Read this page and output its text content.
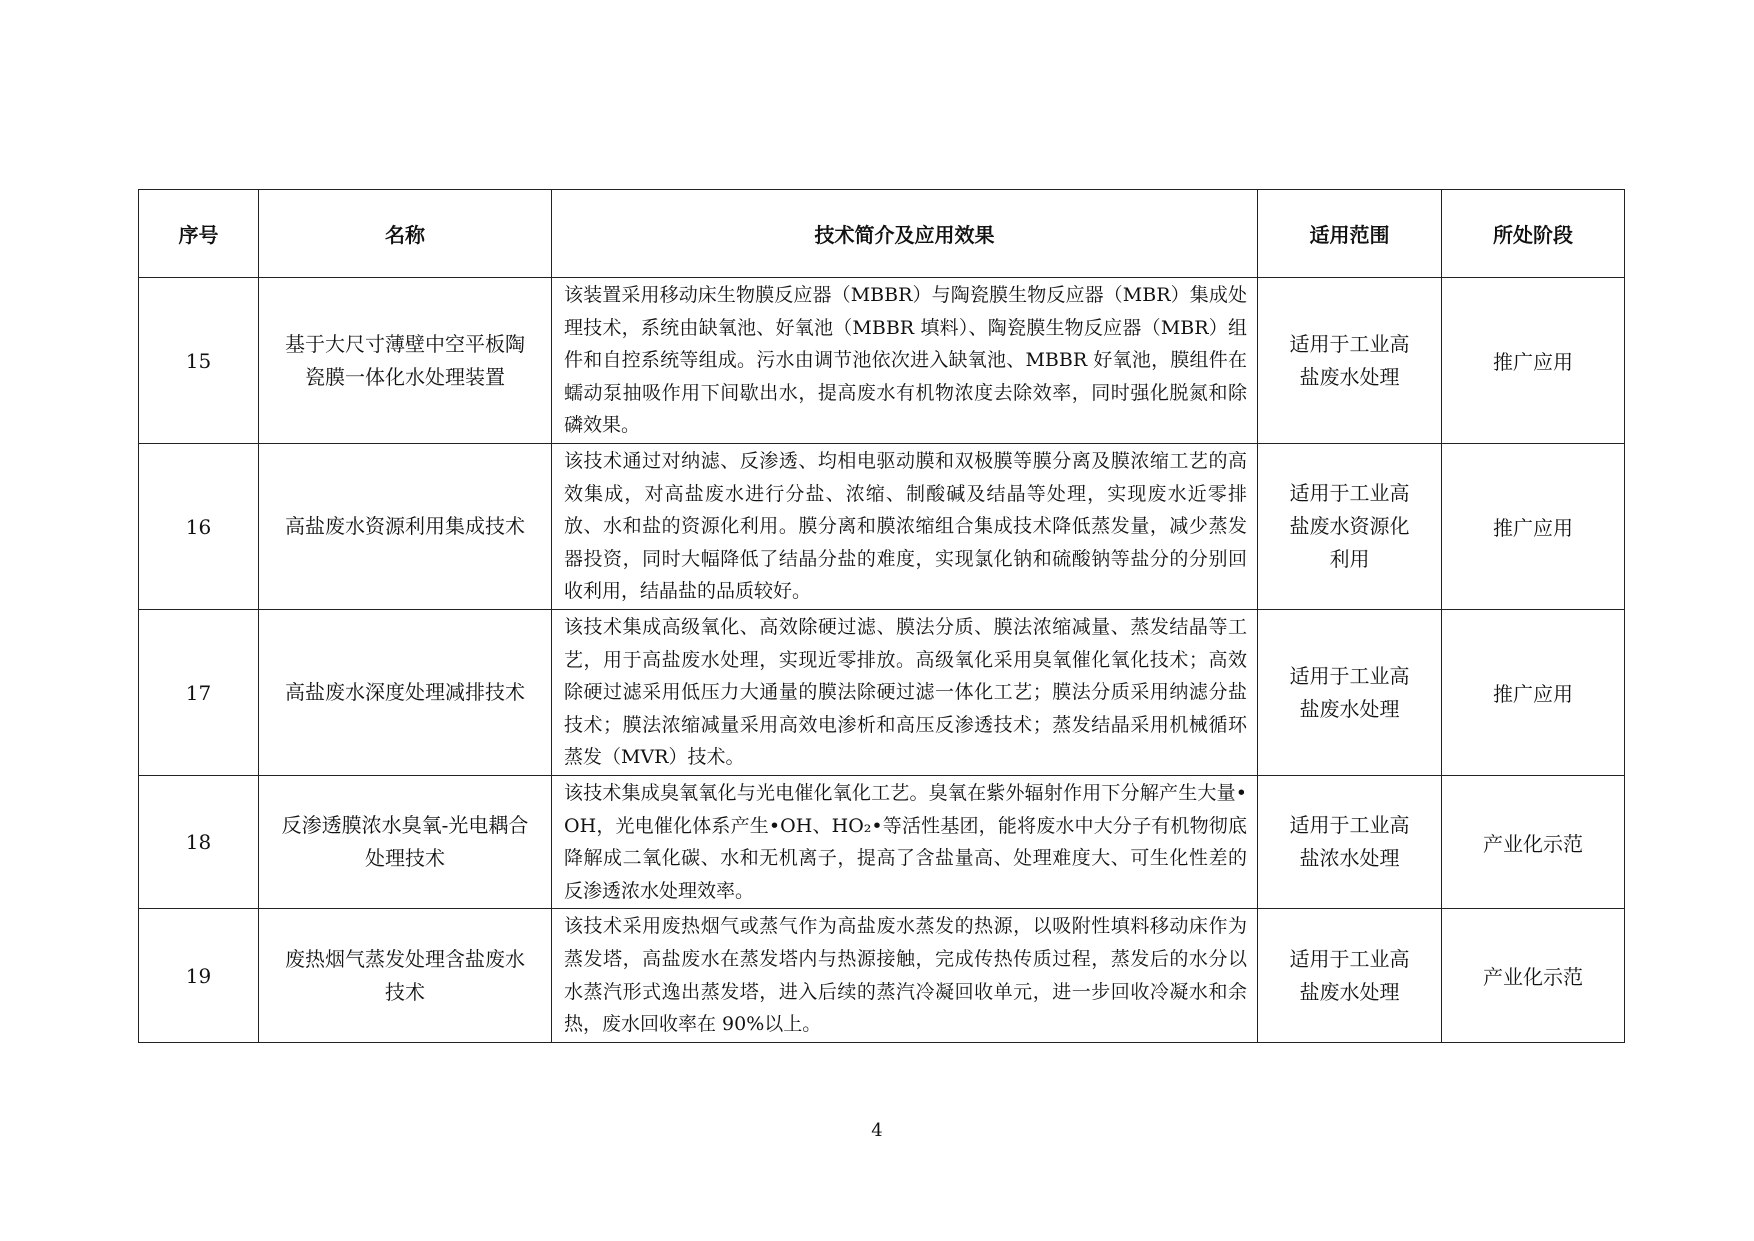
序号	名称	技术简介及应用效果	适用范围	所处阶段
15	基于大尺寸薄壁中空平板陶瓷膜一体化水处理装置	该装置采用移动床生物膜反应器（MBBR）与陶瓷膜生物反应器（MBR）集成处理技术，系统由缺氧池、好氧池（MBBR 填料）、陶瓷膜生物反应器（MBR）组件和自控系统等组成。污水由调节池依次进入缺氧池、MBBR 好氧池，膜组件在蠕动泵抽吸作用下间歇出水，提高废水有机物浓度去除效率，同时强化脱氮和除磷效果。	适用于工业高盐废水处理	推广应用
16	高盐废水资源利用集成技术	该技术通过对纳滤、反渗透、均相电驱动膜和双极膜等膜分离及膜浓缩工艺的高效集成，对高盐废水进行分盐、浓缩、制酸碱及结晶等处理，实现废水近零排放、水和盐的资源化利用。膜分离和膜浓缩组合集成技术降低蒸发量，减少蒸发器投资，同时大幅降低了结晶分盐的难度，实现氯化钠和硫酸钠等盐分的分别回收利用，结晶盐的品质较好。	适用于工业高盐废水资源化利用	推广应用
17	高盐废水深度处理减排技术	该技术集成高级氧化、高效除硬过滤、膜法分质、膜法浓缩减量、蒸发结晶等工艺，用于高盐废水处理，实现近零排放。高级氧化采用臭氧催化氧化技术；高效除硬过滤采用低压力大通量的膜法除硬过滤一体化工艺；膜法分质采用纳滤分盐技术；膜法浓缩减量采用高效电渗析和高压反渗透技术；蒸发结晶采用机械循环蒸发（MVR）技术。	适用于工业高盐废水处理	推广应用
18	反渗透膜浓水臭氧-光电耦合处理技术	该技术集成臭氧氧化与光电催化氧化工艺。臭氧在紫外辐射作用下分解产生大量•OH，光电催化体系产生•OH、HO₂•等活性基团，能将废水中大分子有机物彻底降解成二氧化碳、水和无机离子，提高了含盐量高、处理难度大、可生化性差的反渗透浓水处理效率。	适用于工业高盐浓水处理	产业化示范
19	废热烟气蒸发处理含盐废水技术	该技术采用废热烟气或蒸气作为高盐废水蒸发的热源，以吸附性填料移动床作为蒸发塔，高盐废水在蒸发塔内与热源接触，完成传热传质过程，蒸发后的水分以水蒸汽形式逸出蒸发塔，进入后续的蒸汽冷凝回收单元，进一步回收冷凝水和余热，废水回收率在 90%以上。	适用于工业高盐废水处理	产业化示范
4
